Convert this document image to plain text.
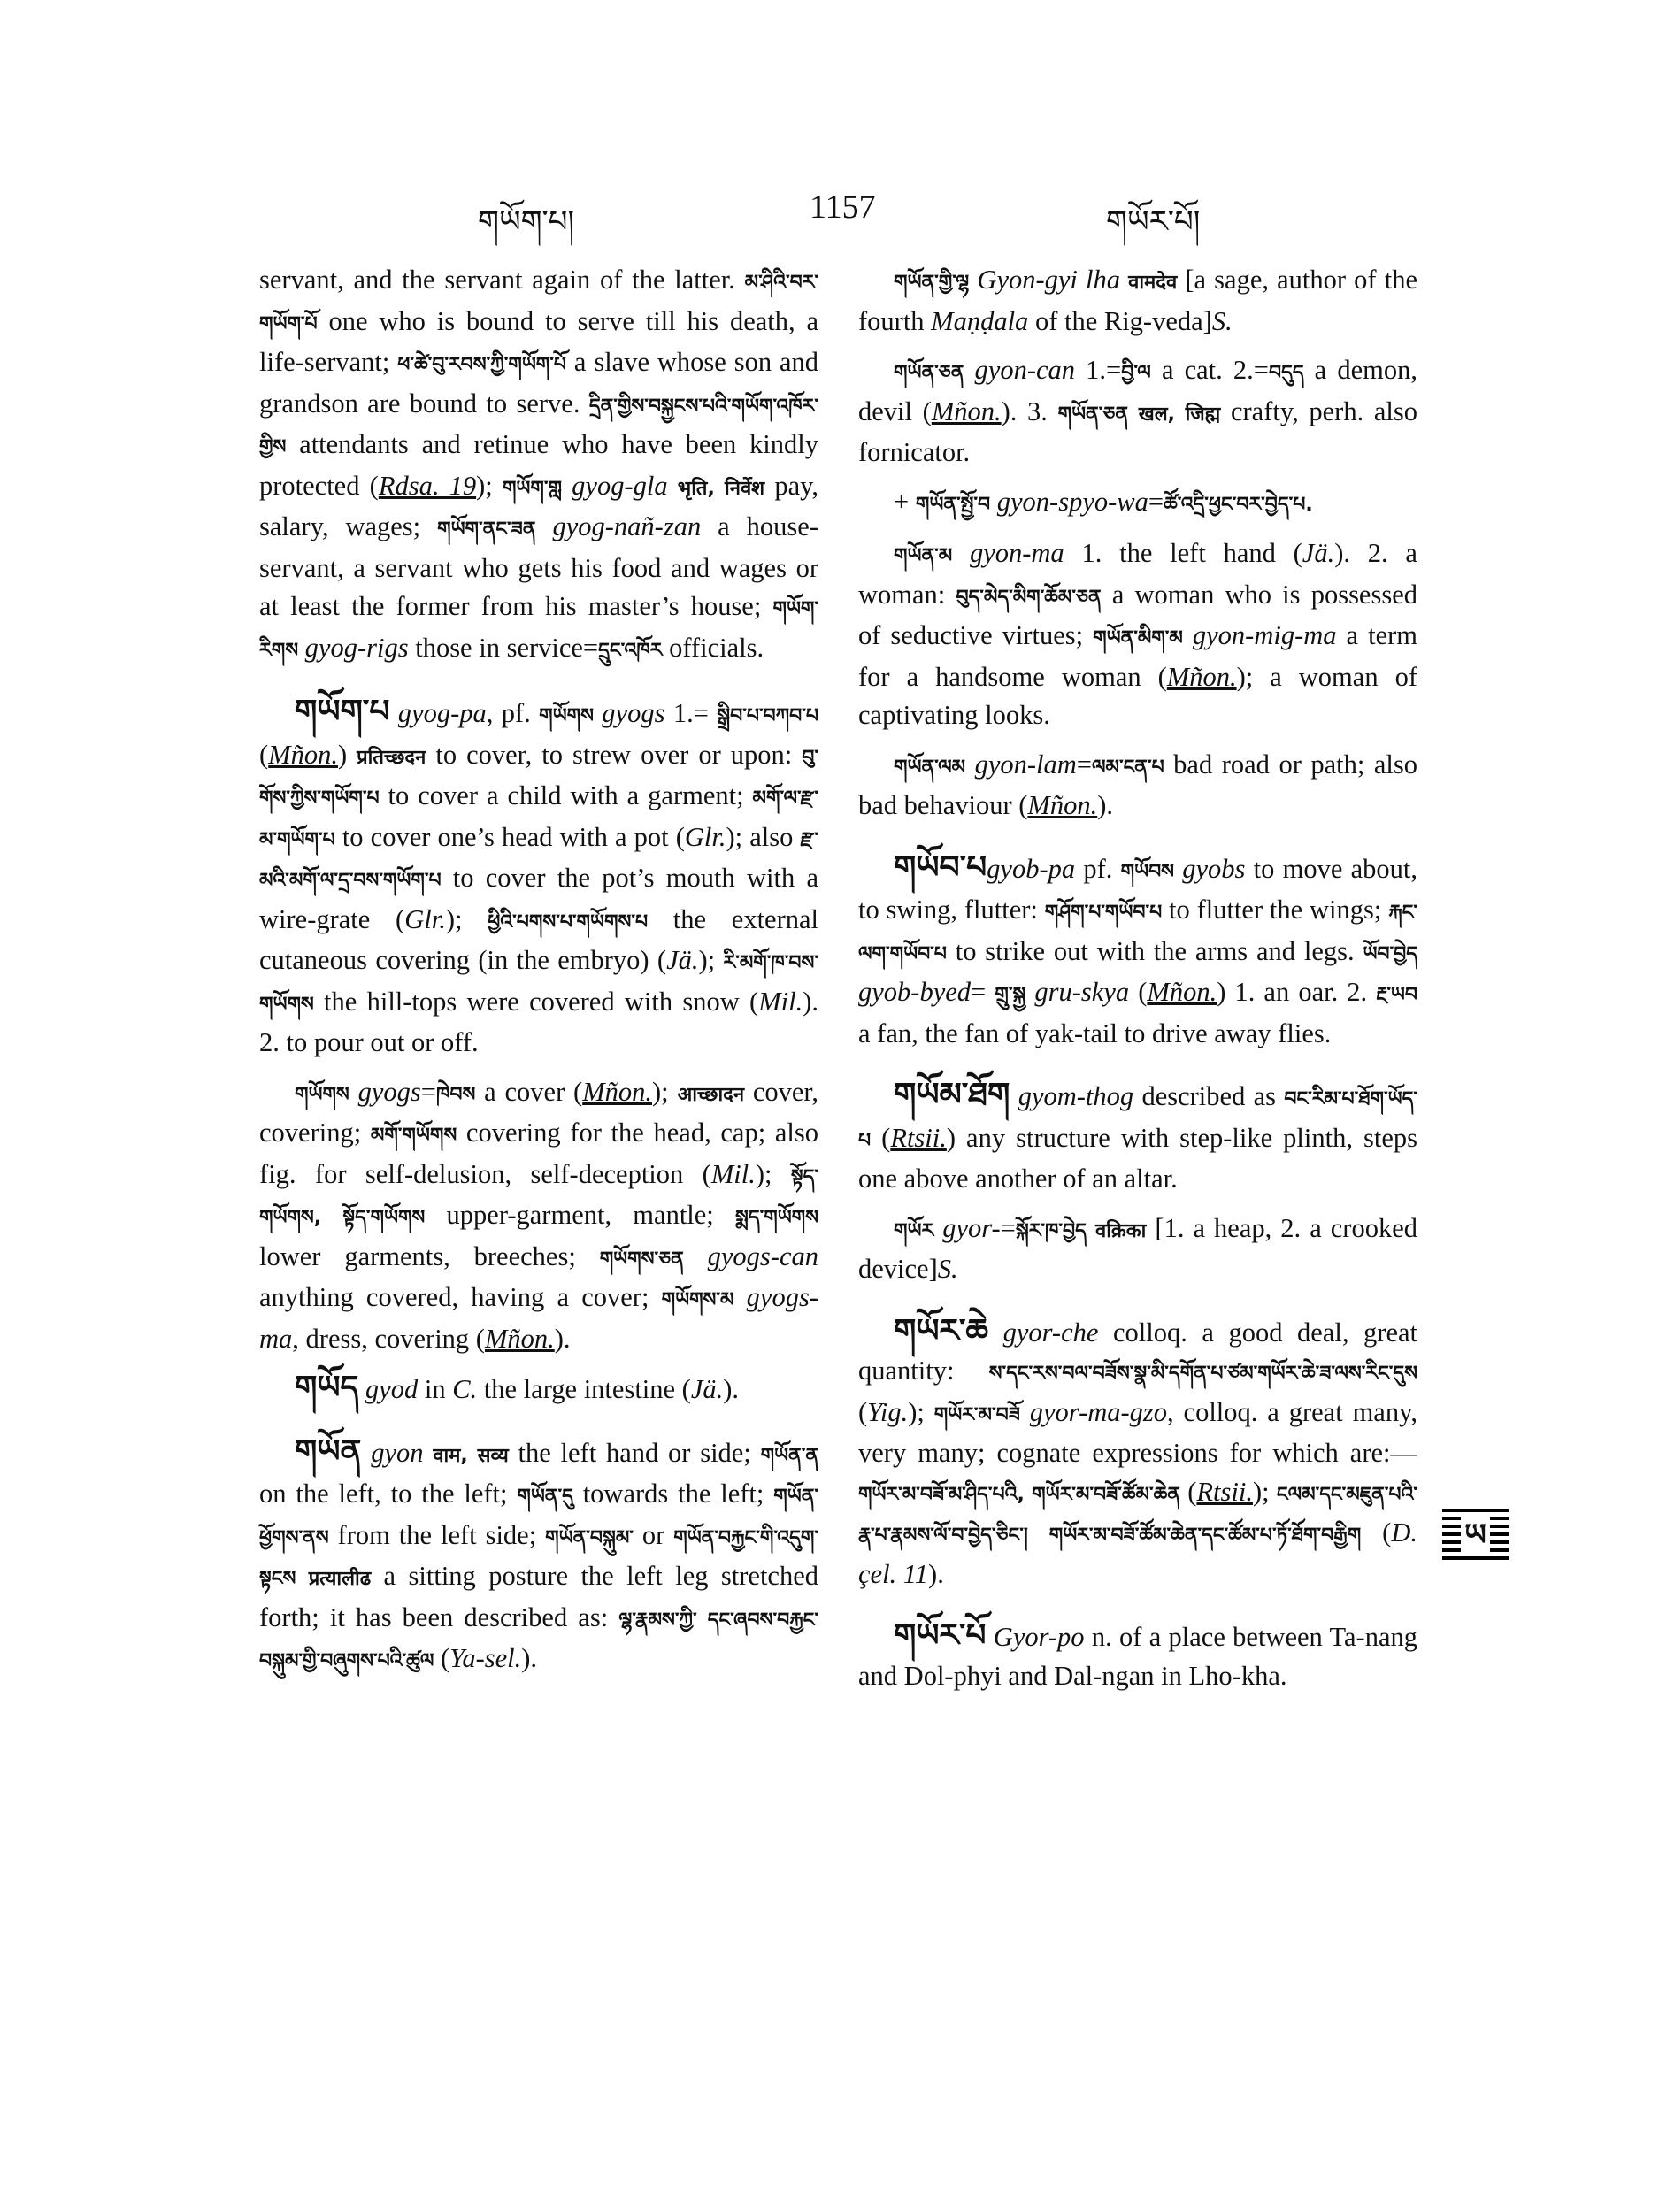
གཡོག་པ།	1157	གཡོར་པོ།

servant, and the servant again of the latter. མ་ཤིའི་བར་གཡོག་པོ one who is bound to serve till his death, a life-servant; ཕ་ཚེ་བུ་རབས་ཀྱི་གཡོག་པོ a slave whose son and grandson are bound to serve. དྲིན་གྱིས་བསྐྱངས་པའི་གཡོག་འཁོར་གྱིས attendants and retinue who have been kindly protected (Rdsa. 19); གཡོག་གླ gyog-gla भृति, निर्वेश pay, salary, wages; གཡོག་ནང་ཟན gyog-nañ-zan a house-servant, a servant who gets his food and wages or at least the former from his master’s house; གཡོག་རིགས gyog-rigs those in service=དྲུང་འཁོར officials.

གཡོག་པ gyog-pa, pf. གཡོགས gyogs 1.= སྒྲིབ་པ་བཀབ་པ (Mñon.) प्रतिच्छदन to cover, to strew over or upon: བུ་གོས་ཀྱིས་གཡོག་པ to cover a child with a garment; མགོ་ལ་རྫ་མ་གཡོག་པ to cover one’s head with a pot (Glr.); also རྫ་མའི་མགོ་ལ་དྲ་བས་གཡོག་པ to cover the pot’s mouth with a wire-grate (Glr.); ཕྱིའི་པགས་པ་གཡོགས་པ the external cutaneous covering (in the embryo) (Jä.); རི་མགོ་ཁ་བས་གཡོགས the hill-tops were covered with snow (Mil.). 2. to pour out or off.

གཡོགས gyogs=ཁེབས a cover (Mñon.); आच्छादन cover, covering; མགོ་གཡོགས covering for the head, cap; also fig. for self-delusion, self-deception (Mil.); སྟོད་གཡོགས, སྟོད་གཡོགས upper-garment, mantle; སྨད་གཡོགས lower garments, breeches; གཡོགས་ཅན gyogs-can anything covered, having a cover; གཡོགས་མ gyogs-ma, dress, covering (Mñon.).

གཡོད gyod in C. the large intestine (Jä.).

གཡོན gyon वाम, सव्य the left hand or side; གཡོན་ན on the left, to the left; གཡོན་དུ towards the left; གཡོན་ཕྱོགས་ནས from the left side; གཡོན་བསྐུམ་ or གཡོན་བརྐྱང་གི་འདུག་སྟངས प्रत्यालीढ a sitting posture the left leg stretched forth; it has been described as: ལྷ་རྣམས་ཀྱི་ དང་ཞབས་བརྐྱང་བསྐུམ་གྱི་བཞུགས་པའི་ཚུལ (Ya-sel.).

གཡོན་གྱི་ལྷ Gyon-gyi lha वामदेव [a sage, author of the fourth Maṇḍala of the Rig-veda]S.

གཡོན་ཅན gyon-can 1.=བྱི་ལ a cat. 2.=བདུད a demon, devil (Mñon.). 3. གཡོན་ཅན खल, जिह्म crafty, perh. also fornicator.

+ གཡོན་སྤྱོ་བ gyon-spyo-wa=ཚོ་འདྲི་ཕྱང་བར་བྱེད་པ.

གཡོན་མ gyon-ma 1. the left hand (Jä.). 2. a woman: བུད་མེད་མིག་ཆོམ་ཅན a woman who is possessed of seductive virtues; གཡོན་མིག་མ gyon-mig-ma a term for a handsome woman (Mñon.); a woman of captivating looks.

གཡོན་ལམ gyon-lam=ལམ་ངན་པ bad road or path; also bad behaviour (Mñon.).

གཡོབ་པgyob-pa pf. གཡོབས gyobs to move about, to swing, flutter: གཤོག་པ་གཡོབ་པ to flutter the wings; རྐང་ལག་གཡོབ་པ to strike out with the arms and legs. ཡོབ་བྱེད gyob-byed= གྲུ་སྐྱ gru-skya (Mñon.) 1. an oar. 2. རྔ་ཡབ a fan, the fan of yak-tail to drive away flies.

གཡོམ་ཐོག gyom-thog described as བང་རིམ་པ་ཐོག་ཡོད་པ (Rtsii.) any structure with step-like plinth, steps one above another of an altar.

གཡོར gyor-=སྐོར་ཁ་བྱེད वक्रिका [1. a heap, 2. a crooked device]S.

གཡོར་ཆེ gyor-che colloq. a good deal, great quantity: ས་དང་རས་བལ་བཟོས་སྣ་མི་དགོན་པ་ཙམ་གཡོར་ཆེ་ཟ་ལས་རིང་དུས (Yig.); གཡོར་མ་བཟོ gyor-ma-gzo, colloq. a great many, very many; cognate expressions for which are:—གཡོར་མ་བཟོ་མ་ཤིད་པའི, གཡོར་མ་བཟོ་ཚོམ་ཆེན (Rtsii.); ངལམ་དང་མཇུན་པའི་རྣ་པ་རྣམས་ལོ་བ་བྱེད་ཅིང་། གཡོར་མ་བཟོ་ཚོམ་ཆེན་དང་ཚོམ་པ་ཏོ་ཐོག་བརྒྱིག (D. çel. 11).

གཡོར་པོ Gyor-po n. of a place between Ta-nang and Dol-phyi and Dal-ngan in Lho-kha.

ཡ
